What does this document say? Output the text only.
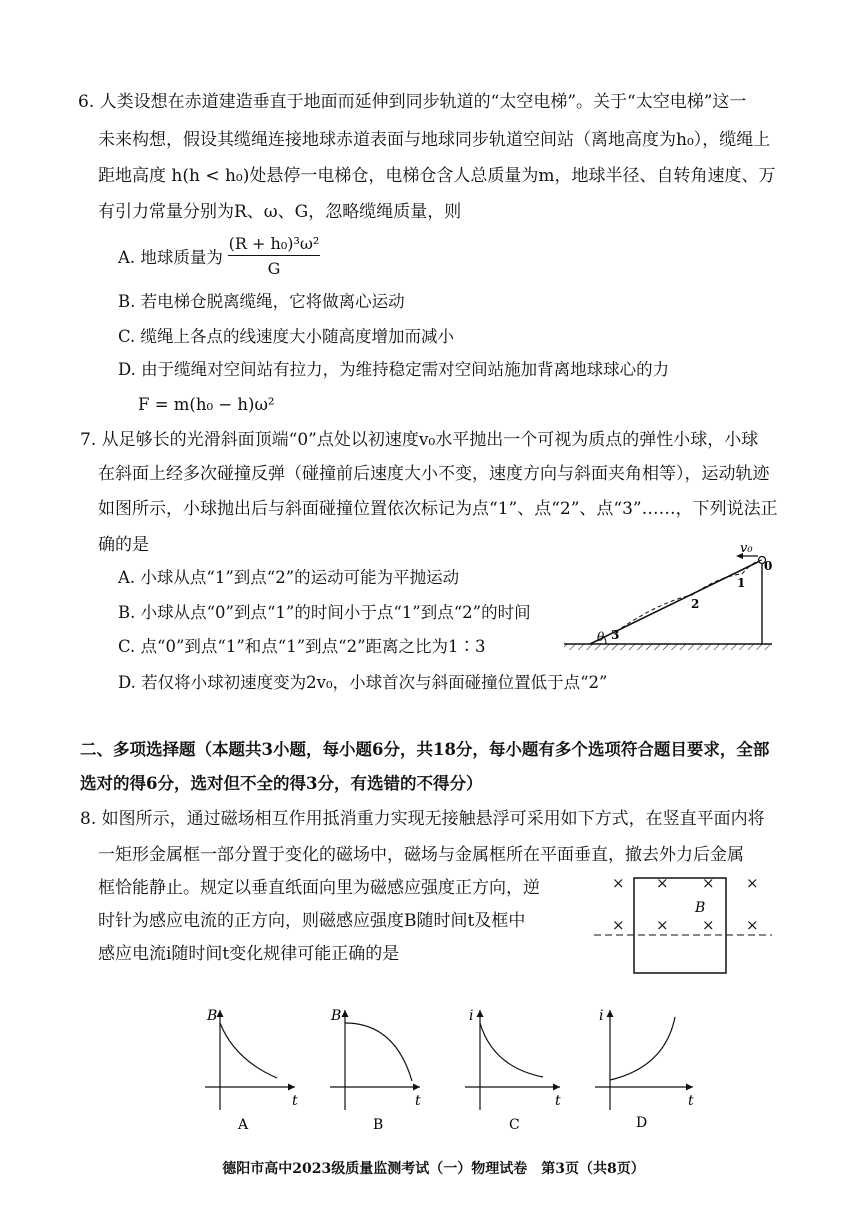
6. 人类设想在赤道建造垂直于地面而延伸到同步轨道的“太空电梯”。关于“太空电梯”这一
未来构想，假设其缆绳连接地球赤道表面与地球同步轨道空间站（离地高度为h₀），缆绳上
距地高度 h(h < h₀)处悬停一电梯仓，电梯仓含人总质量为m，地球半径、自转角速度、万
有引力常量分别为R、ω、G，忽略缆绳质量，则
A. 地球质量为 $\frac{\text{(R + h₀)³ω²}}{G}$
B. 若电梯仓脱离缆绳，它将做离心运动
C. 缆绳上各点的线速度大小随高度增加而减小
D. 由于缆绳对空间站有拉力，为维持稳定需对空间站施加背离地球球心的力
F = m(h₀ − h)ω²
7. 从足够长的光滑斜面顶端“0”点处以初速度v₀水平抛出一个可视为质点的弹性小球，小球
在斜面上经多次碰撞反弹（碰撞前后速度大小不变，速度方向与斜面夹角相等），运动轨迹
如图所示，小球抛出后与斜面碰撞位置依次标记为点“1”、点“2”、点“3”……，下列说法正
确的是
A. 小球从点“1”到点“2”的运动可能为平抛运动
B. 小球从点“0”到点“1”的时间小于点“1”到点“2”的时间
C. 点“0”到点“1”和点“1”到点“2”距离之比为1∶3
D. 若仅将小球初速度变为2v₀，小球首次与斜面碰撞位置低于点“2”
v₀
0
1
2
3
θ
二、多项选择题（本题共3小题，每小题6分，共18分，每小题有多个选项符合题目要求，全部
选对的得6分，选对但不全的得3分，有选错的不得分）
8. 如图所示，通过磁场相互作用抵消重力实现无接触悬浮可采用如下方式，在竖直平面内将
一矩形金属框一部分置于变化的磁场中，磁场与金属框所在平面垂直，撤去外力后金属
框恰能静止。规定以垂直纸面向里为磁感应强度正方向，逆
时针为感应电流的正方向，则磁感应强度B随时间t及框中
感应电流i随时间t变化规律可能正确的是
× × × ×
× × × ×
B
B
t
A
B
t
B
i
t
C
i
t
D
德阳市高中2023级质量监测考试（一）物理试卷　第3页（共8页）
